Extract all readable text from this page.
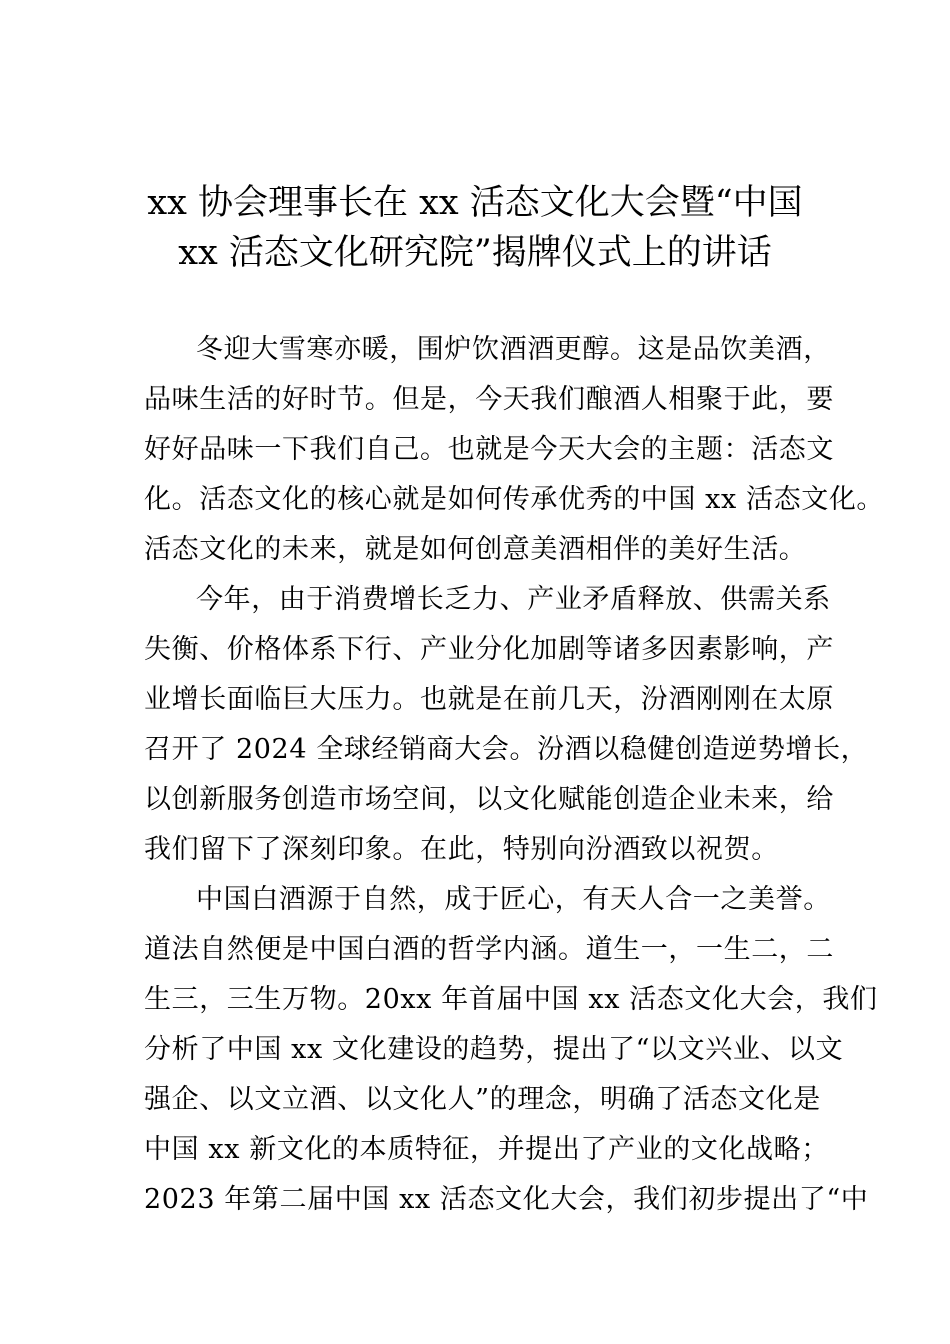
xx 协会理事长在 xx 活态文化大会暨“中国
xx 活态文化研究院”揭牌仪式上的讲话
冬迎大雪寒亦暖，围炉饮酒酒更醇。这是品饮美酒，
品味生活的好时节。但是，今天我们酿酒人相聚于此，要
好好品味一下我们自己。也就是今天大会的主题：活态文
化。活态文化的核心就是如何传承优秀的中国 xx 活态文化。
活态文化的未来，就是如何创意美酒相伴的美好生活。
今年，由于消费增长乏力、产业矛盾释放、供需关系
失衡、价格体系下行、产业分化加剧等诸多因素影响，产
业增长面临巨大压力。也就是在前几天，汾酒刚刚在太原
召开了 2024 全球经销商大会。汾酒以稳健创造逆势增长，
以创新服务创造市场空间，以文化赋能创造企业未来，给
我们留下了深刻印象。在此，特别向汾酒致以祝贺。
中国白酒源于自然，成于匠心，有天人合一之美誉。
道法自然便是中国白酒的哲学内涵。道生一，一生二，二
生三，三生万物。20xx 年首届中国 xx 活态文化大会，我们
分析了中国 xx 文化建设的趋势，提出了“以文兴业、以文
强企、以文立酒、以文化人”的理念，明确了活态文化是
中国 xx 新文化的本质特征，并提出了产业的文化战略；
2023 年第二届中国 xx 活态文化大会，我们初步提出了“中
